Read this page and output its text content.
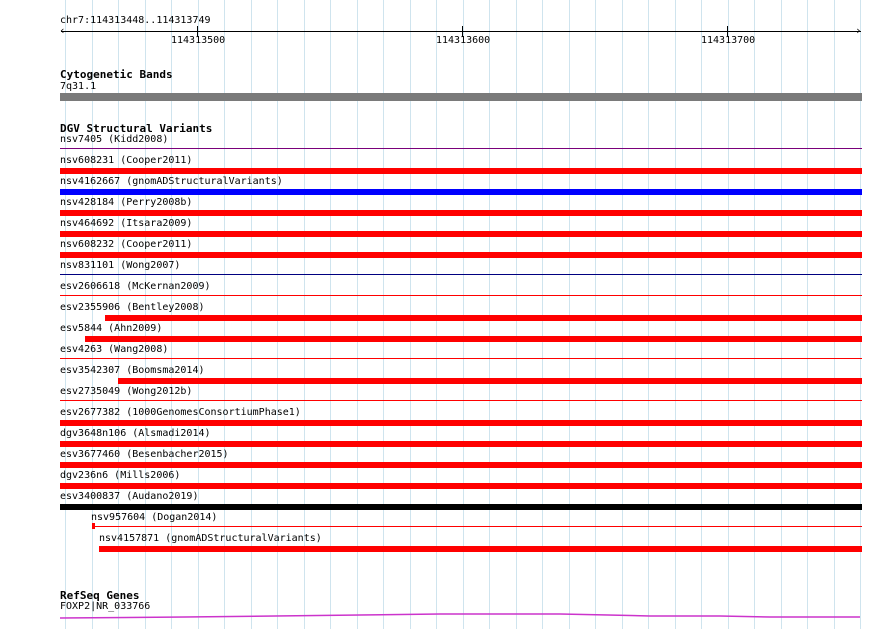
chr7:114313448..114313749
‹	›
114313500	114313600	114313700
Cytogenetic Bands
7q31.1
DGV Structural Variants
nsv7405 (Kidd2008)
nsv608231 (Cooper2011)
nsv4162667 (gnomADStructuralVariants)
nsv428184 (Perry2008b)
nsv464692 (Itsara2009)
nsv608232 (Cooper2011)
nsv831101 (Wong2007)
esv2606618 (McKernan2009)
esv2355906 (Bentley2008)
esv5844 (Ahn2009)
esv4263 (Wang2008)
esv3542307 (Boomsma2014)
esv2735049 (Wong2012b)
esv2677382 (1000GenomesConsortiumPhase1)
dgv3648n106 (Alsmadi2014)
esv3677460 (Besenbacher2015)
dgv236n6 (Mills2006)
esv3400837 (Audano2019)
nsv957604 (Dogan2014)
nsv4157871 (gnomADStructuralVariants)
RefSeq Genes
FOXP2|NR_033766
